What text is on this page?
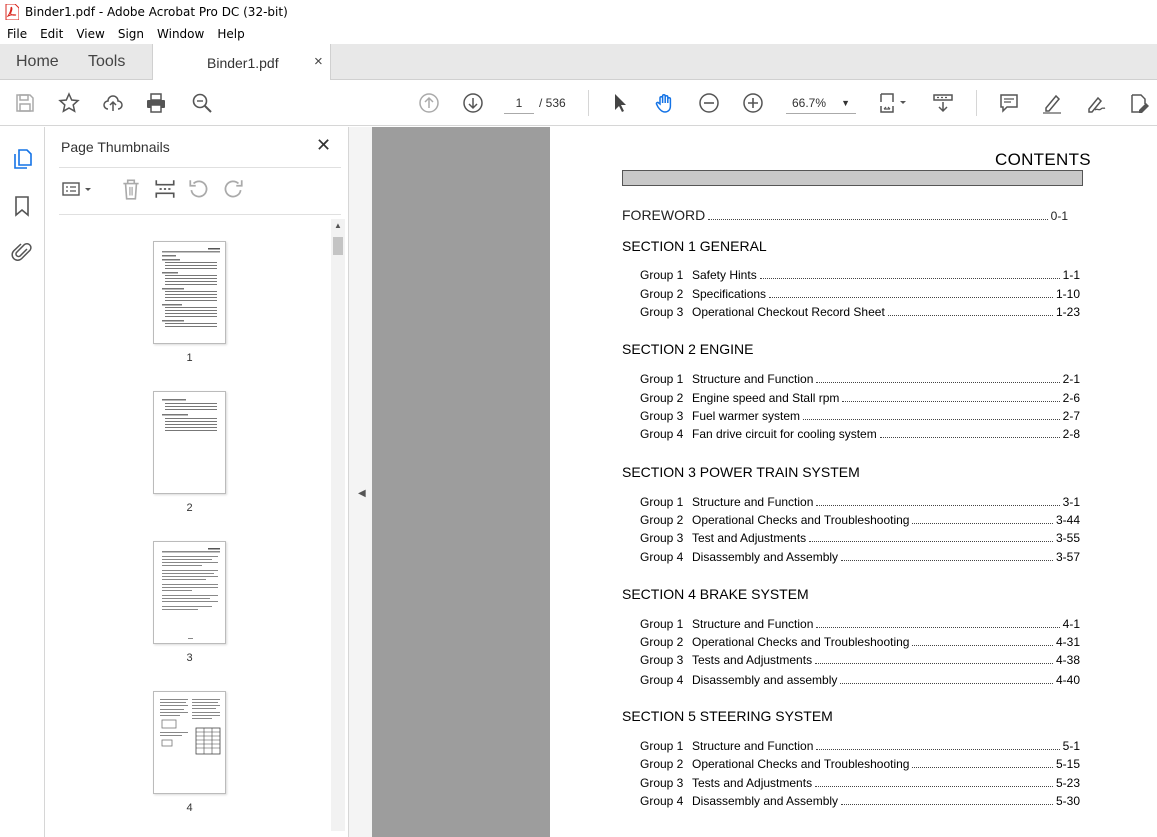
Binder1.pdf - Adobe Acrobat Pro DC (32-bit)
File Edit View Sign Window Help
Home Tools	Binder1.pdf ×
1	/ 536	66.7% ▼
Page Thumbnails	✕
▲
1
2
3
4
◀
CONTENTS
FOREWORD	0-1
SECTION 1 GENERAL
Group 1 Safety Hints	1-1
Group 2 Specifications	1-10
Group 3 Operational Checkout Record Sheet	1-23
SECTION 2 ENGINE
Group 1 Structure and Function	2-1
Group 2 Engine speed and Stall rpm	2-6
Group 3 Fuel warmer system	2-7
Group 4 Fan drive circuit for cooling system	2-8
SECTION 3 POWER TRAIN SYSTEM
Group 1 Structure and Function	3-1
Group 2 Operational Checks and Troubleshooting	3-44
Group 3 Test and Adjustments	3-55
Group 4 Disassembly and Assembly	3-57
SECTION 4 BRAKE SYSTEM
Group 1 Structure and Function	4-1
Group 2 Operational Checks and Troubleshooting	4-31
Group 3 Tests and Adjustments	4-38
Group 4 Disassembly and assembly	4-40
SECTION 5 STEERING SYSTEM
Group 1 Structure and Function	5-1
Group 2 Operational Checks and Troubleshooting	5-15
Group 3 Tests and Adjustments	5-23
Group 4 Disassembly and Assembly	5-30
